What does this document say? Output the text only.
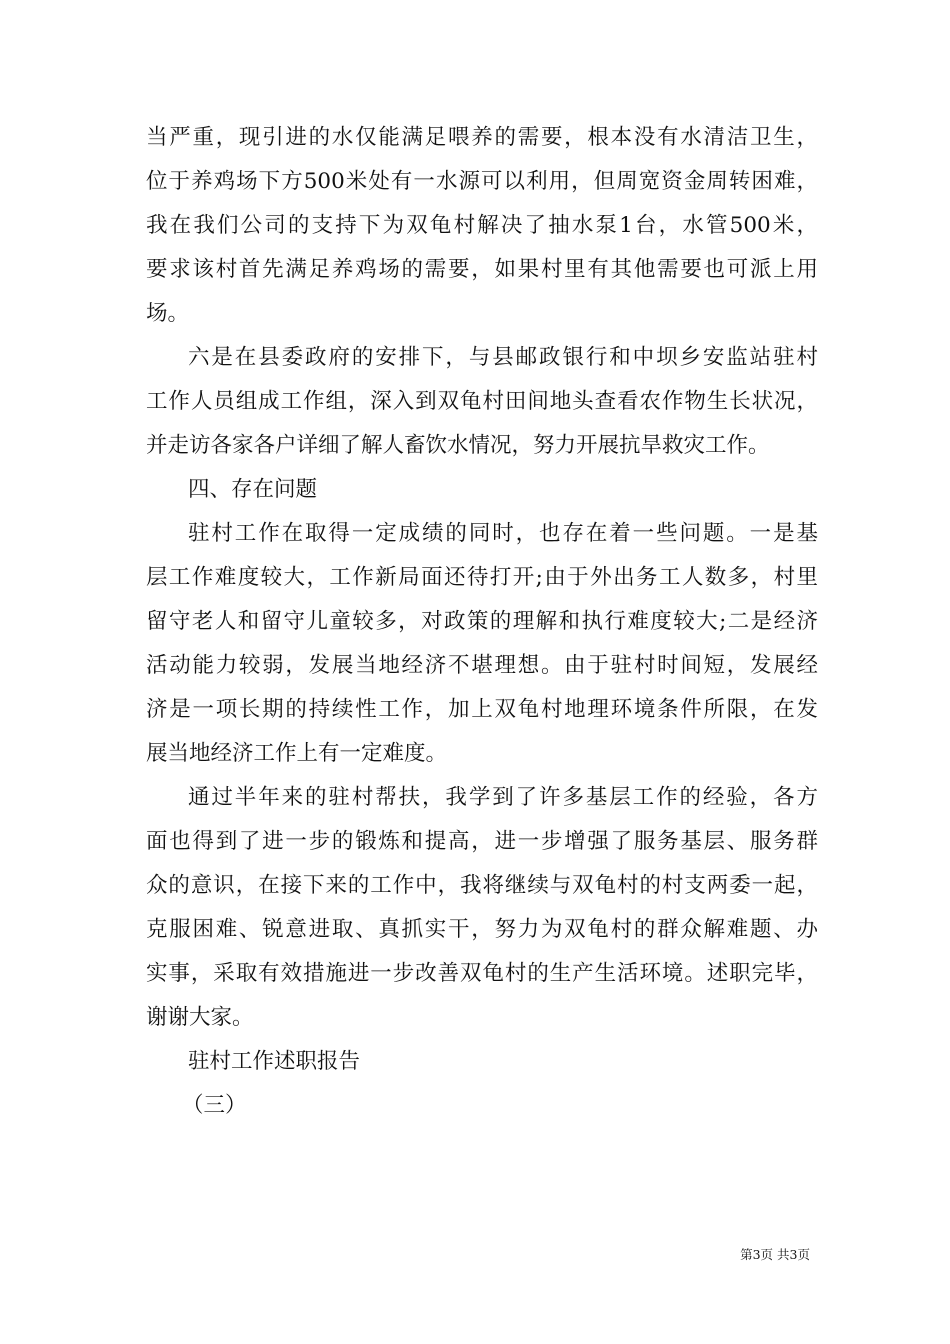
当严重，现引进的水仅能满足喂养的需要，根本没有水清洁卫生，
位于养鸡场下方500米处有一水源可以利用，但周宽资金周转困难，
我在我们公司的支持下为双龟村解决了抽水泵1台，水管500米，
要求该村首先满足养鸡场的需要，如果村里有其他需要也可派上用
场。
六是在县委政府的安排下，与县邮政银行和中坝乡安监站驻村
工作人员组成工作组，深入到双龟村田间地头查看农作物生长状况，
并走访各家各户详细了解人畜饮水情况，努力开展抗旱救灾工作。
四、存在问题
驻村工作在取得一定成绩的同时，也存在着一些问题。一是基
层工作难度较大，工作新局面还待打开;由于外出务工人数多，村里
留守老人和留守儿童较多，对政策的理解和执行难度较大;二是经济
活动能力较弱，发展当地经济不堪理想。由于驻村时间短，发展经
济是一项长期的持续性工作，加上双龟村地理环境条件所限，在发
展当地经济工作上有一定难度。
通过半年来的驻村帮扶，我学到了许多基层工作的经验，各方
面也得到了进一步的锻炼和提高，进一步增强了服务基层、服务群
众的意识，在接下来的工作中，我将继续与双龟村的村支两委一起，
克服困难、锐意进取、真抓实干，努力为双龟村的群众解难题、办
实事，采取有效措施进一步改善双龟村的生产生活环境。述职完毕，
谢谢大家。
驻村工作述职报告
（三）
第3页 共3页
